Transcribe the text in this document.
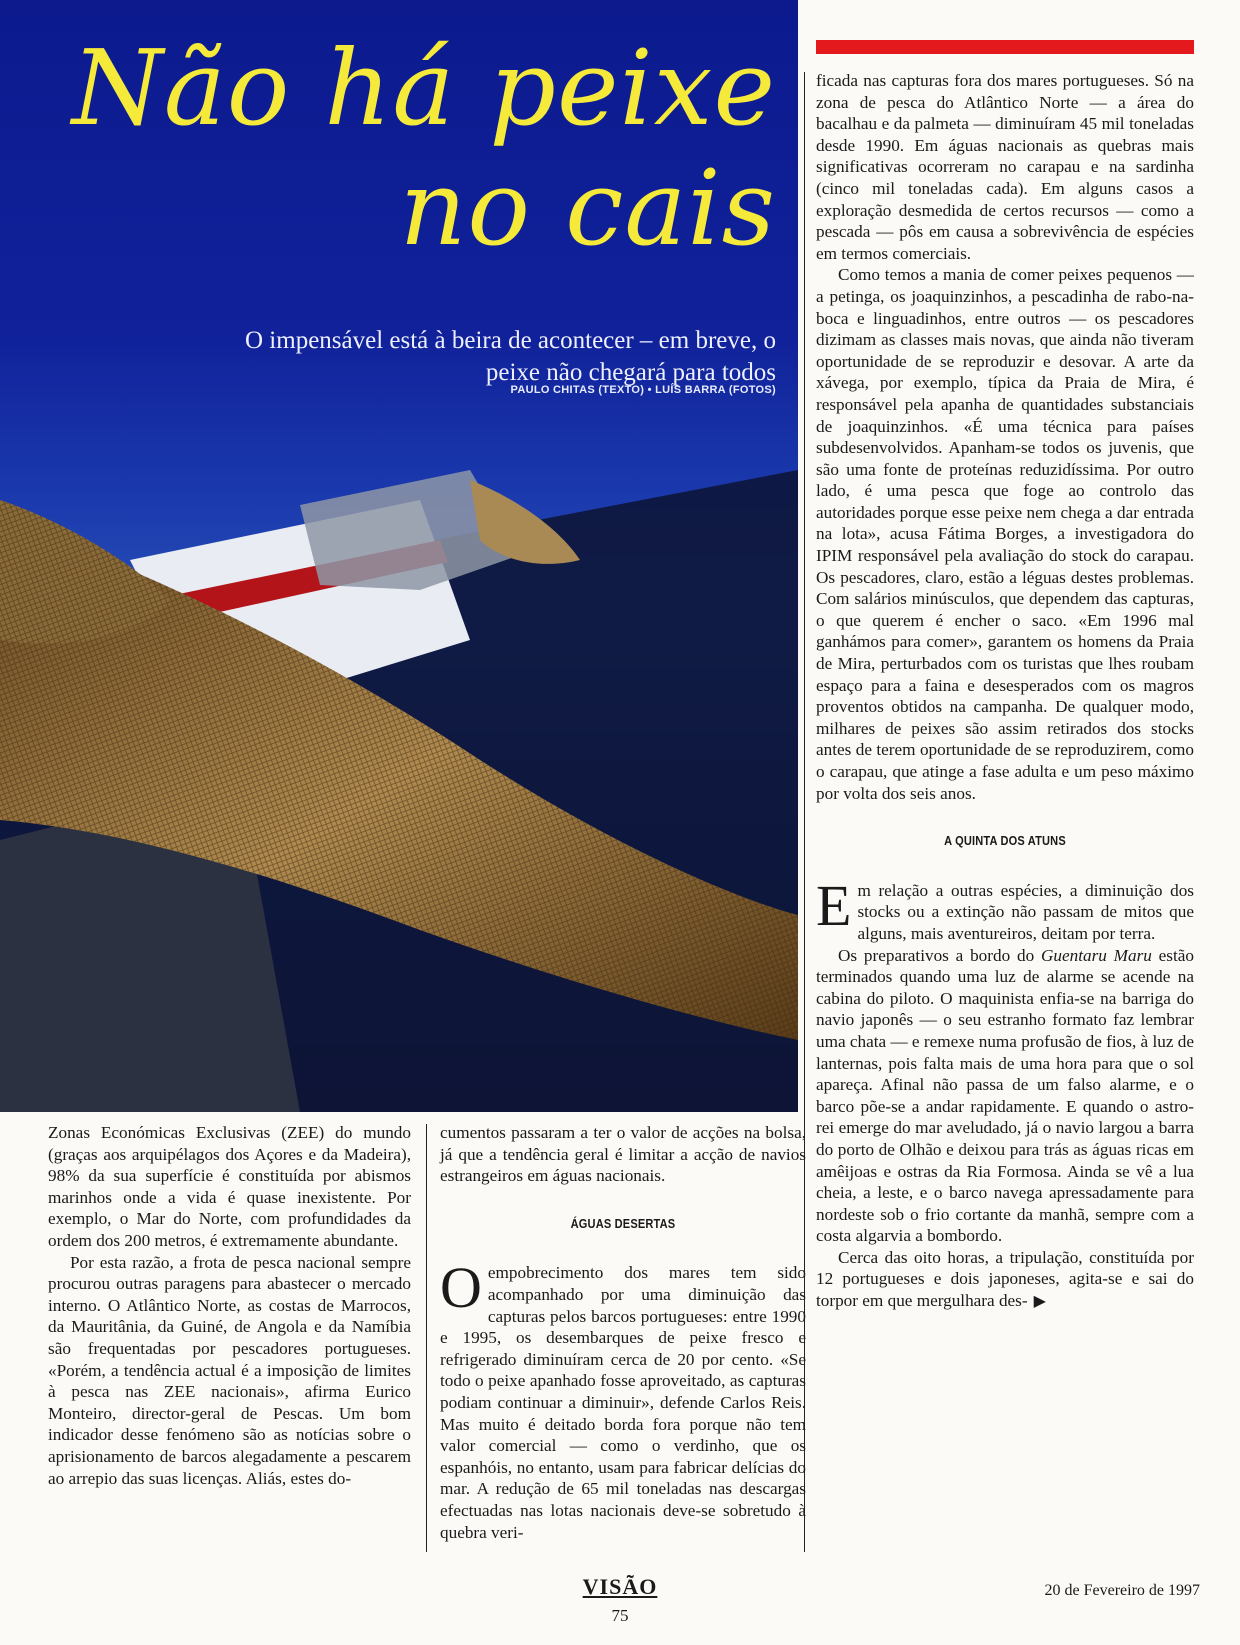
Não há peixe
no cais

O impensável está à beira de acontecer – em breve, o peixe não chegará para todos

PAULO CHITAS (TEXTO) • LUÍS BARRA (FOTOS)

ficada nas capturas fora dos mares portugueses. Só na zona de pesca do Atlântico Norte — a área do bacalhau e da palmeta — diminuíram 45 mil toneladas desde 1990. Em águas nacionais as quebras mais significativas ocorreram no carapau e na sardinha (cinco mil toneladas cada). Em alguns casos a exploração desmedida de certos recursos — como a pescada — pôs em causa a sobrevivência de espécies em termos comerciais.

Como temos a mania de comer peixes pequenos — a petinga, os joaquinzinhos, a pescadinha de rabo-na-boca e linguadinhos, entre outros — os pescadores dizimam as classes mais novas, que ainda não tiveram oportunidade de se reproduzir e desovar. A arte da xávega, por exemplo, típica da Praia de Mira, é responsável pela apanha de quantidades substanciais de joaquinzinhos. «É uma técnica para países subdesenvolvidos. Apanham-se todos os juvenis, que são uma fonte de proteínas reduzidíssima. Por outro lado, é uma pesca que foge ao controlo das autoridades porque esse peixe nem chega a dar entrada na lota», acusa Fátima Borges, a investigadora do IPIM responsável pela avaliação do stock do carapau. Os pescadores, claro, estão a léguas destes problemas. Com salários minúsculos, que dependem das capturas, o que querem é encher o saco. «Em 1996 mal ganhámos para comer», garantem os homens da Praia de Mira, perturbados com os turistas que lhes roubam espaço para a faina e desesperados com os magros proventos obtidos na campanha. De qualquer modo, milhares de peixes são assim retirados dos stocks antes de terem oportunidade de se reproduzirem, como o carapau, que atinge a fase adulta e um peso máximo por volta dos seis anos.

A QUINTA DOS ATUNS

Em relação a outras espécies, a diminuição dos stocks ou a extinção não passam de mitos que alguns, mais aventureiros, deitam por terra.

Os preparativos a bordo do Guentaru Maru estão terminados quando uma luz de alarme se acende na cabina do piloto. O maquinista enfia-se na barriga do navio japonês — o seu estranho formato faz lembrar uma chata — e remexe numa profusão de fios, à luz de lanternas, pois falta mais de uma hora para que o sol apareça. Afinal não passa de um falso alarme, e o barco põe-se a andar rapidamente. E quando o astro-rei emerge do mar aveludado, já o navio largou a barra do porto de Olhão e deixou para trás as águas ricas em amêijoas e ostras da Ria Formosa. Ainda se vê a lua cheia, a leste, e o barco navega apressadamente para nordeste sob o frio cortante da manhã, sempre com a costa algarvia a bombordo.

Cerca das oito horas, a tripulação, constituída por 12 portugueses e dois japoneses, agita-se e sai do torpor em que mergulhara des- ▶

Zonas Económicas Exclusivas (ZEE) do mundo (graças aos arquipélagos dos Açores e da Madeira), 98% da sua superfície é constituída por abismos marinhos onde a vida é quase inexistente. Por exemplo, o Mar do Norte, com profundidades da ordem dos 200 metros, é extremamente abundante.

Por esta razão, a frota de pesca nacional sempre procurou outras paragens para abastecer o mercado interno. O Atlântico Norte, as costas de Marrocos, da Mauritânia, da Guiné, de Angola e da Namíbia são frequentadas por pescadores portugueses. «Porém, a tendência actual é a imposição de limites à pesca nas ZEE nacionais», afirma Eurico Monteiro, director-geral de Pescas. Um bom indicador desse fenómeno são as notícias sobre o aprisionamento de barcos alegadamente a pescarem ao arrepio das suas licenças. Aliás, estes do-

cumentos passaram a ter o valor de acções na bolsa, já que a tendência geral é limitar a acção de navios estrangeiros em águas nacionais.

ÁGUAS DESERTAS

Oempobrecimento dos mares tem sido acompanhado por uma diminuição das capturas pelos barcos portugueses: entre 1990 e 1995, os desembarques de peixe fresco e refrigerado diminuíram cerca de 20 por cento. «Se todo o peixe apanhado fosse aproveitado, as capturas podiam continuar a diminuir», defende Carlos Reis. Mas muito é deitado borda fora porque não tem valor comercial — como o verdinho, que os espanhóis, no entanto, usam para fabricar delícias do mar. A redução de 65 mil toneladas nas descargas efectuadas nas lotas nacionais deve-se sobretudo à quebra veri-

VISÃO

75

20 de Fevereiro de 1997
